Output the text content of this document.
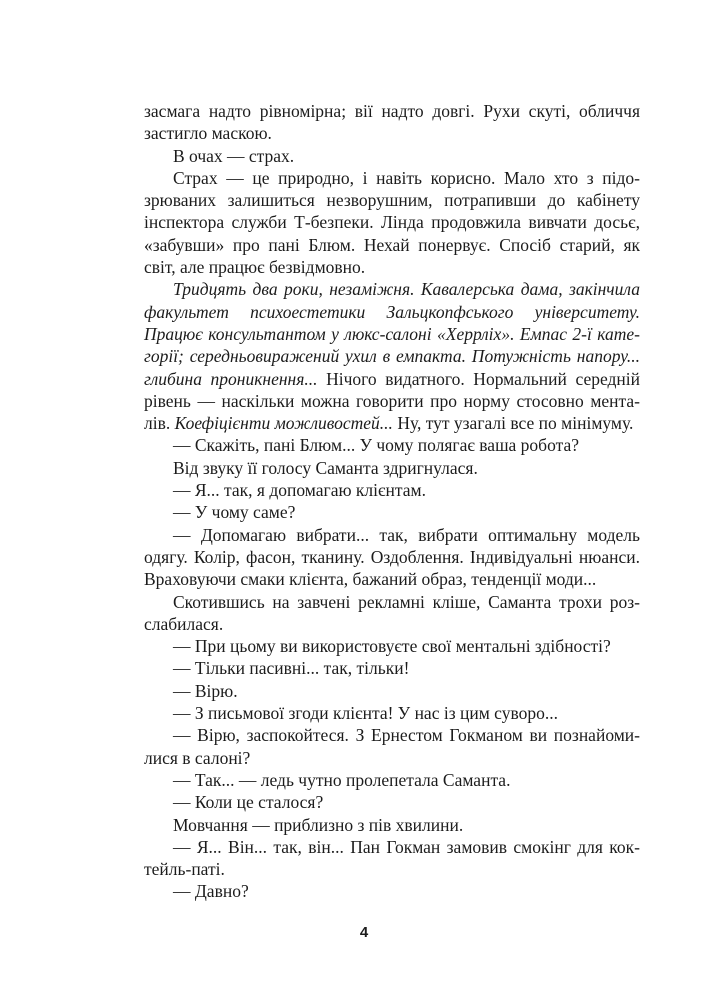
засмага надто рівномірна; вії надто довгі. Рухи скуті, обличчя
застигло маскою.

В очах — страх.

Страх — це природно, і навіть корисно. Мало хто з підозрюваних залишиться незворушним, потрапивши до кабінету інспектора служби Т-безпеки. Лінда продовжила вивчати досьє, «забувши» про пані Блюм. Нехай понервує. Спосіб старий, як світ, але працює безвідмовно.

Тридцять два роки, незаміжня. Кавалерська дама, закінчила факультет психоестетики Зальцкопфського університету. Працює консультантом у люкс-салоні «Херрліх». Емпас 2-ї категорії; середньовиражений ухил в емпакта. Потужність напору... глибина проникнення... Нічого видатного. Нормальний середній рівень — наскільки можна говорити про норму стосовно менталів. Коефіцієнти можливостей... Ну, тут узагалі все по мінімуму.

— Скажіть, пані Блюм... У чому полягає ваша робота?

Від звуку її голосу Саманта здригнулася.

— Я... так, я допомагаю клієнтам.

— У чому саме?

— Допомагаю вибрати... так, вибрати оптимальну модель одягу. Колір, фасон, тканину. Оздоблення. Індивідуальні нюанси. Враховуючи смаки клієнта, бажаний образ, тенденції моди...

Скотившись на завчені рекламні кліше, Саманта трохи розслабилася.

— При цьому ви використовуєте свої ментальні здібності?

— Тільки пасивні... так, тільки!

— Вірю.

— З письмової згоди клієнта! У нас із цим суворо...

— Вірю, заспокойтеся. З Ернестом Гокманом ви познайомилися в салоні?

— Так... — ледь чутно пролепетала Саманта.

— Коли це сталося?

Мовчання — приблизно з пів хвилини.

— Я... Він... так, він... Пан Гокман замовив смокінг для коктейль-паті.

— Давно?

4
